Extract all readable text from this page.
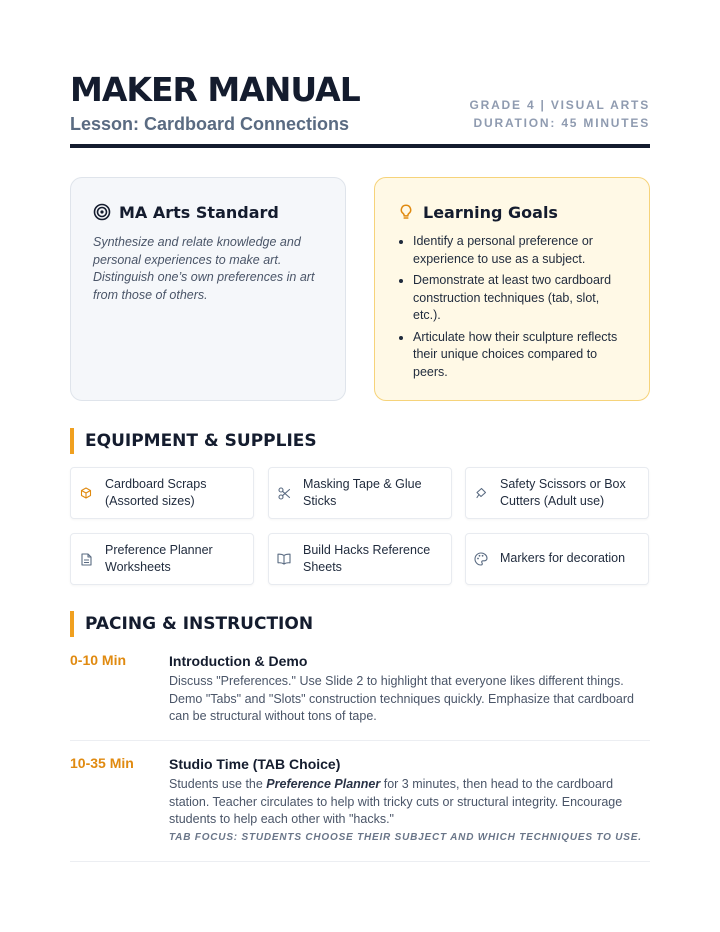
MAKER MANUAL
Lesson: Cardboard Connections
GRADE 4 | VISUAL ARTS
DURATION: 45 MINUTES
MA Arts Standard

Synthesize and relate knowledge and personal experiences to make art. Distinguish one’s own preferences in art from those of others.

Learning Goals
Identify a personal preference or experience to use as a subject.
Demonstrate at least two cardboard construction techniques (tab, slot, etc.).
Articulate how their sculpture reflects their unique choices compared to peers.
EQUIPMENT & SUPPLIES
Cardboard Scraps (Assorted sizes)
Masking Tape & Glue Sticks
Safety Scissors or Box Cutters (Adult use)
Preference Planner Worksheets
Build Hacks Reference Sheets
Markers for decoration
PACING & INSTRUCTION
0-10 Min	Introduction & Demo

Discuss "Preferences." Use Slide 2 to highlight that everyone likes different things. Demo "Tabs" and "Slots" construction techniques quickly. Emphasize that cardboard can be structural without tons of tape.

10-35 Min	Studio Time (TAB Choice)

Students use the Preference Planner for 3 minutes, then head to the cardboard station. Teacher circulates to help with tricky cuts or structural integrity. Encourage students to help each other with "hacks."

TAB FOCUS: STUDENTS CHOOSE THEIR SUBJECT AND WHICH TECHNIQUES TO USE.
